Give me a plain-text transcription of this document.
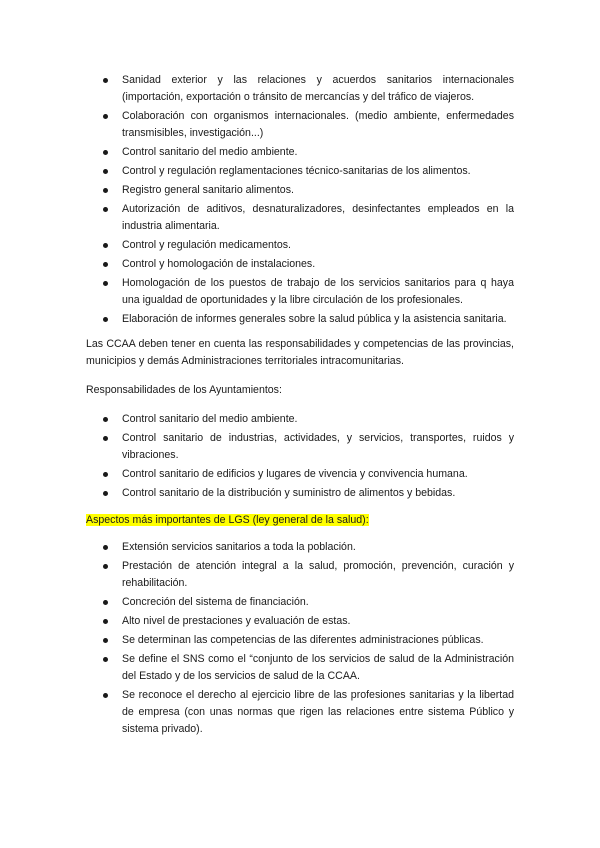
Sanidad exterior y las relaciones y acuerdos sanitarios internacionales (importación, exportación o tránsito de mercancías y del tráfico de viajeros.
Colaboración con organismos internacionales. (medio ambiente, enfermedades transmisibles, investigación...)
Control sanitario del medio ambiente.
Control y regulación reglamentaciones técnico-sanitarias de los alimentos.
Registro general sanitario alimentos.
Autorización de aditivos, desnaturalizadores, desinfectantes empleados en la industria alimentaria.
Control y regulación medicamentos.
Control y homologación de instalaciones.
Homologación de los puestos de trabajo de los servicios sanitarios para q haya una igualdad de oportunidades y la libre circulación de los profesionales.
Elaboración de informes generales sobre la salud pública y la asistencia sanitaria.

Las CCAA deben tener en cuenta las responsabilidades y competencias de las provincias, municipios y demás Administraciones territoriales intracomunitarias.

Responsabilidades de los Ayuntamientos:

Control sanitario del medio ambiente.
Control sanitario de industrias, actividades, y servicios, transportes, ruidos y vibraciones.
Control sanitario de edificios y lugares de vivencia y convivencia humana.
Control sanitario de la distribución y suministro de alimentos y bebidas.

Aspectos más importantes de LGS (ley general de la salud):

Extensión servicios sanitarios a toda la población.
Prestación de atención integral a la salud, promoción, prevención, curación y rehabilitación.
Concreción del sistema de financiación.
Alto nivel de prestaciones y evaluación de estas.
Se determinan las competencias de las diferentes administraciones públicas.
Se define el SNS como el “conjunto de los servicios de salud de la Administración del Estado y de los servicios de salud de la CCAA.
Se reconoce el derecho al ejercicio libre de las profesiones sanitarias y la libertad de empresa (con unas normas que rigen las relaciones entre sistema Público y sistema privado).
